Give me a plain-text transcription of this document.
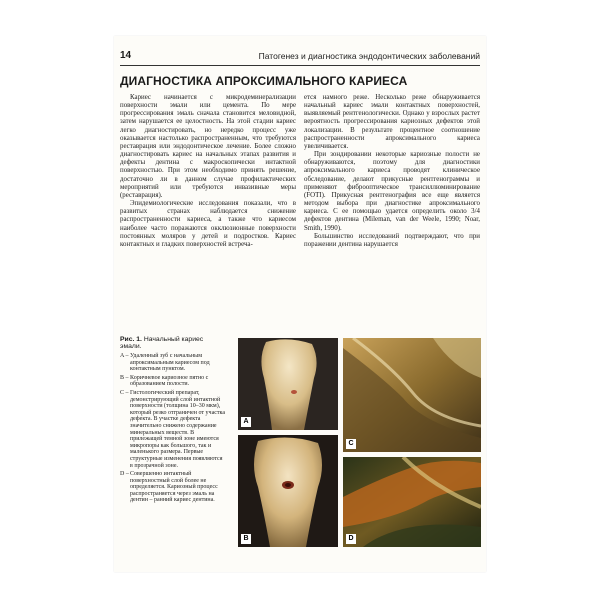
14	Патогенез и диагностика эндодонтических заболеваний
ДИАГНОСТИКА АПРОКСИМАЛЬНОГО КАРИЕСА

Кариес начинается с микродеминерализации поверхности эмали или цемента. По мере прогрессирования эмаль сначала становится меловидной, затем нарушается ее целостность. На этой стадии кариес легко диагностировать, но нередко процесс уже оказывается настолько распространенным, что требуются реставрация или эндодонтическое лечение. Более сложно диагностировать кариес на начальных этапах развития и дефекты дентина с макроскопически интактной поверхностью. При этом необходимо принять решение, достаточно ли в данном случае профилактических мероприятий или требуются инвазивные меры (реставрация).

Эпидемиологические исследования показали, что в развитых странах наблюдается снижение распространенности кариеса, а также что кариесом наиболее часто поражаются окклюзионные поверхности постоянных моляров у детей и подростков. Кариес контактных и гладких поверхностей встреча-

ется намного реже. Несколько реже обнаруживается начальный кариес эмали контактных поверхностей, выявляемый рентгенологически. Однако у взрослых растет вероятность прогрессирования кариозных дефектов этой локализации. В результате процентное соотношение распространенности апроксимального кариеса увеличивается.

При зондировании некоторые кариозные полости не обнаруживаются, поэтому для диагностики апроксимального кариеса проводят клиническое обследование, делают прикусные рентгенограммы и применяют фиброоптическое трансиллюминирование (FOTI). Прикусная рентгенография все еще является методом выбора при диагностике апроксимального кариеса. С ее помощью удается определить около 3/4 дефектов дентина (Mileman, van der Weele, 1990; Noar, Smith, 1990).

Большинство исследований подтверждают, что при поражении дентина нарушается

Рис. 1. Начальный кариес эмали.
A – Удаленный зуб с начальным апроксимальным кариесом под контактным пунктом.
B – Коричневое кариозное пятно с образованием полости.
C – Гистологический препарат, демонстрирующий слой интактной поверхности (толщина 10–30 мкм), который резко отграничен от участка дефекта. В участке дефекта значительно снижено содержание минеральных веществ. В прилежащей темной зоне имеются микропоры как большого, так и маленького размера. Первые структурные изменения появляются в прозрачной зоне.
D – Совершенно интактный поверхностный слой более не определяется. Кариозный процесс распространяется через эмаль на дентин – ранний кариес дентина.
A
B
C
D
